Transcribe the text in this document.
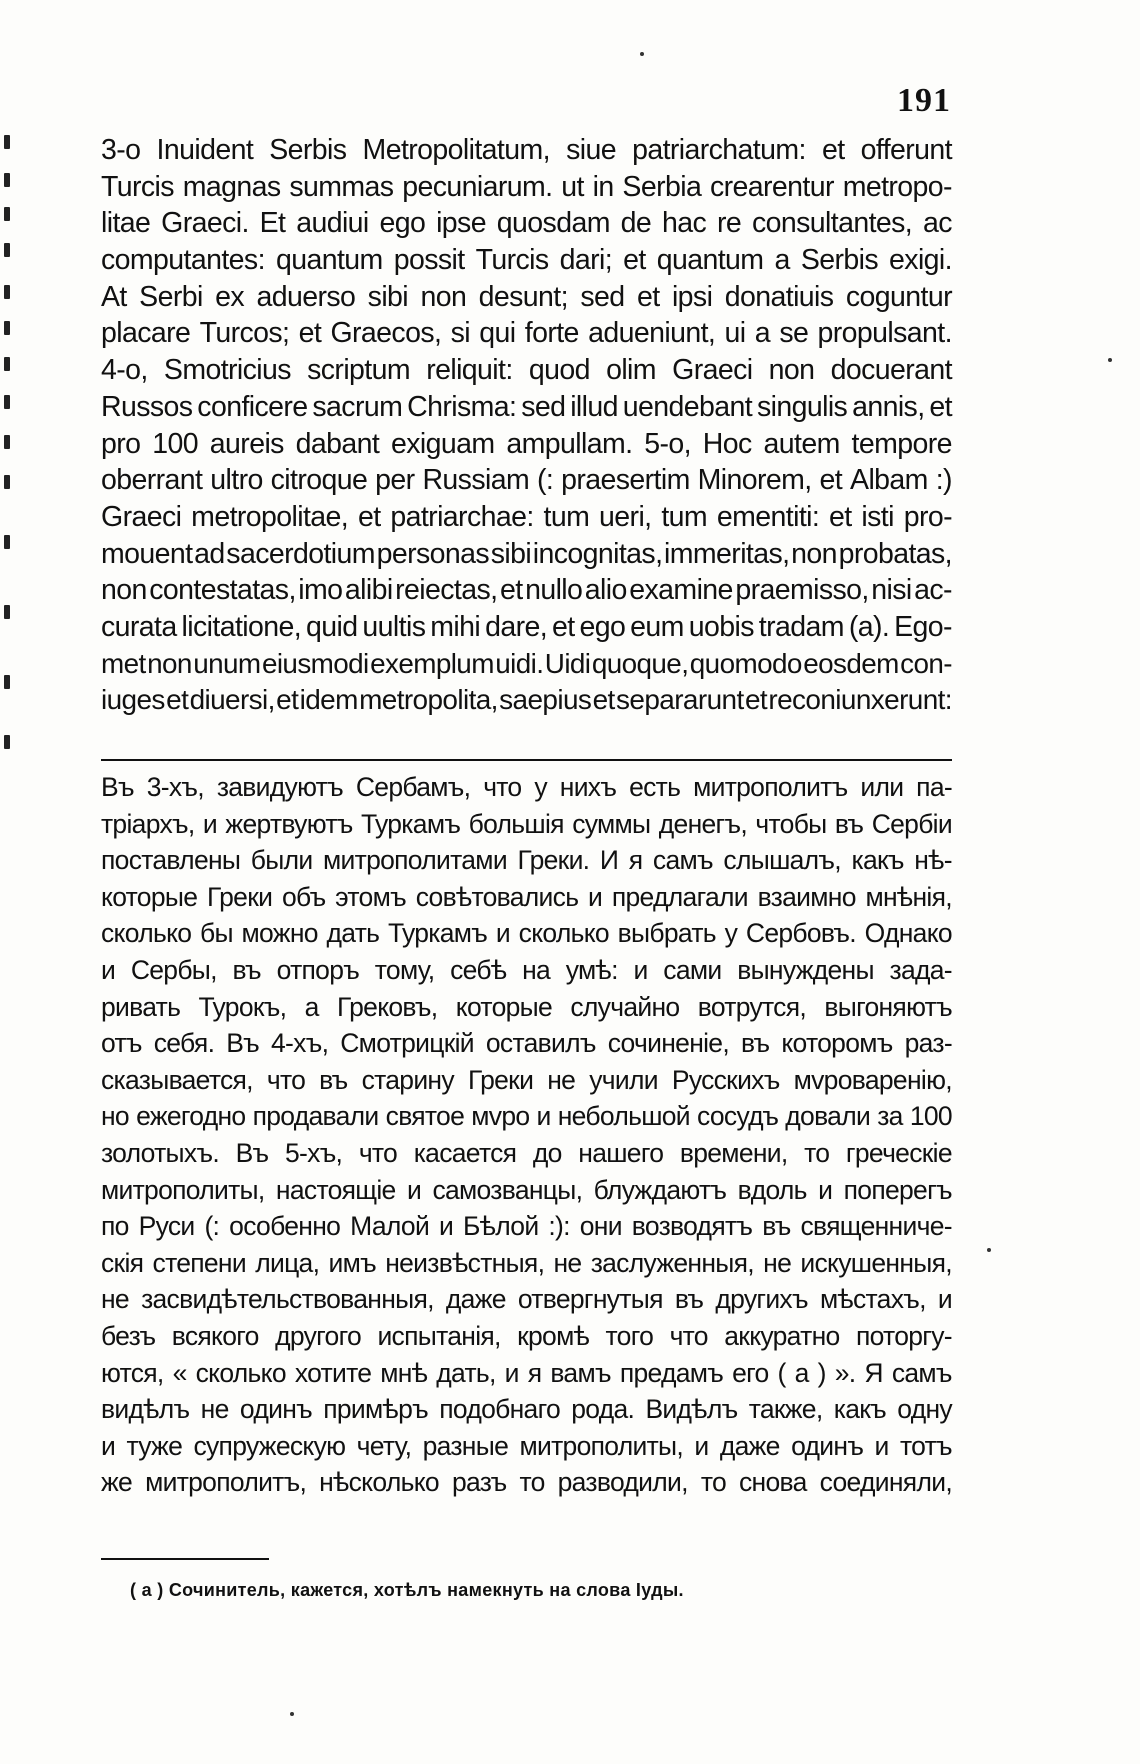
191
3-o Inuident Serbis Metropolitatum, siue patriarchatum: et offerunt
Turcis magnas summas pecuniarum. ut in Serbia crearentur metropo-
litae Graeci. Et audiui ego ipse quosdam de hac re consultantes, ac
computantes: quantum possit Turcis dari; et quantum a Serbis exigi.
At Serbi ex aduerso sibi non desunt; sed et ipsi donatiuis coguntur
placare Turcos; et Graecos, si qui forte adueniunt, ui a se propulsant.
4-o, Smotricius scriptum reliquit: quod olim Graeci non docuerant
Russos conficere sacrum Chrisma: sed illud uendebant singulis annis, et
pro 100 aureis dabant exiguam ampullam. 5-o, Hoc autem tempore
oberrant ultro citroque per Russiam (: praesertim Minorem, et Albam :)
Graeci metropolitae, et patriarchae: tum ueri, tum ementiti: et isti pro-
mouent ad sacerdotium personas sibi incognitas, immeritas, non probatas,
non contestatas, imo alibi reiectas, et nullo alio examine praemisso, nisi ac-
curata licitatione, quid uultis mihi dare, et ego eum uobis tradam (a). Ego-
met non unum eiusmodi exemplum uidi. Uidi quoque, quomodo eosdem con-
iuges et diuersi, et idem metropolita, saepius et separarunt et reconiunxerunt:
Въ 3-хъ, завидуютъ Сербамъ, что у нихъ есть митрополитъ или па-
тріархъ, и жертвуютъ Туркамъ большія суммы денегъ, чтобы въ Сербіи
поставлены были митрополитами Греки. И я самъ слышалъ, какъ нѣ-
которые Греки объ этомъ совѣтовались и предлагали взаимно мнѣнія,
сколько бы можно дать Туркамъ и сколько выбрать у Сербовъ. Однако
и Сербы, въ отпоръ тому, себѣ на умѣ: и сами вынуждены зада-
ривать Турокъ, а Грековъ, которые случайно вотрутся, выгоняютъ
отъ себя. Въ 4-хъ, Смотрицкій оставилъ сочиненіе, въ которомъ раз-
сказывается, что въ старину Греки не учили Русскихъ мvроваренію,
но ежегодно продавали святое мvро и небольшой сосудъ довали за 100
золотыхъ. Въ 5-хъ, что касается до нашего времени, то греческіе
митрополиты, настоящіе и самозванцы, блуждаютъ вдоль и поперегъ
по Руси (: особенно Малой и Бѣлой :): они возводятъ въ священниче-
скія степени лица, имъ неизвѣстныя, не заслуженныя, не искушенныя,
не засвидѣтельствованныя, даже отвергнутыя въ другихъ мѣстахъ, и
безъ всякого другого испытанія, кромѣ того что аккуратно поторгу-
ются, « сколько хотите мнѣ дать, и я вамъ предамъ его ( а ) ». Я самъ
видѣлъ не одинъ примѣръ подобнаго рода. Видѣлъ также, какъ одну
и туже супружескую чету, разные митрополиты, и даже одинъ и тотъ
же митрополитъ, нѣсколько разъ то разводили, то снова соединяли,
( а ) Сочинитель, кажется, хотѣлъ намекнуть на слова Іуды.
